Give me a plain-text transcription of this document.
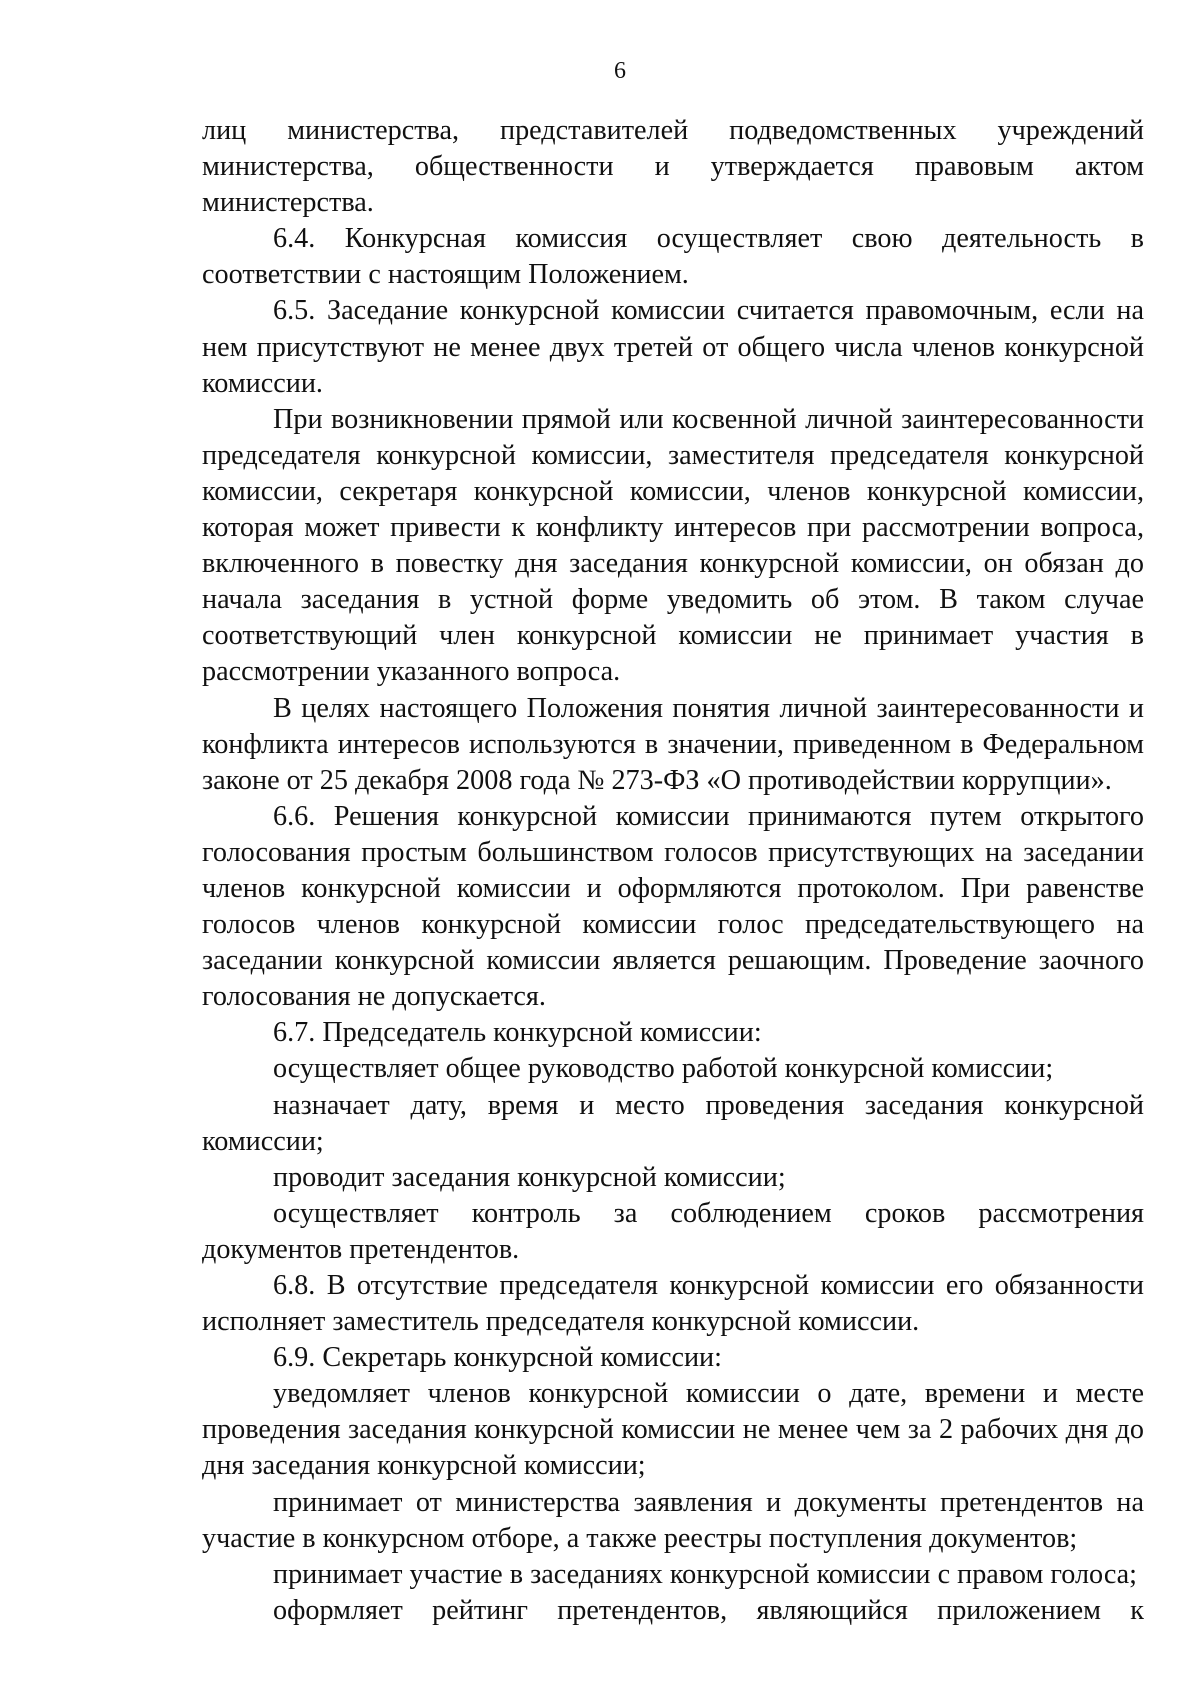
6

лиц министерства, представителей подведомственных учреждений министерства, общественности и утверждается правовым актом министерства.

6.4. Конкурсная комиссия осуществляет свою деятельность в соответствии с настоящим Положением.

6.5. Заседание конкурсной комиссии считается правомочным, если на нем присутствуют не менее двух третей от общего числа членов конкурсной комиссии.

При возникновении прямой или косвенной личной заинтересованности председателя конкурсной комиссии, заместителя председателя конкурсной комиссии, секретаря конкурсной комиссии, членов конкурсной комиссии, которая может привести к конфликту интересов при рассмотрении вопроса, включенного в повестку дня заседания конкурсной комиссии, он обязан до начала заседания в устной форме уведомить об этом. В таком случае соответствующий член конкурсной комиссии не принимает участия в рассмотрении указанного вопроса.

В целях настоящего Положения понятия личной заинтересованности и конфликта интересов используются в значении, приведенном в Федеральном законе от 25 декабря 2008 года № 273-ФЗ «О противодействии коррупции».

6.6. Решения конкурсной комиссии принимаются путем открытого голосования простым большинством голосов присутствующих на заседании членов конкурсной комиссии и оформляются протоколом. При равенстве голосов членов конкурсной комиссии голос председательствующего на заседании конкурсной комиссии является решающим. Проведение заочного голосования не допускается.

6.7. Председатель конкурсной комиссии:

осуществляет общее руководство работой конкурсной комиссии;

назначает дату, время и место проведения заседания конкурсной комиссии;

проводит заседания конкурсной комиссии;

осуществляет контроль за соблюдением сроков рассмотрения документов претендентов.

6.8. В отсутствие председателя конкурсной комиссии его обязанности исполняет заместитель председателя конкурсной комиссии.

6.9. Секретарь конкурсной комиссии:

уведомляет членов конкурсной комиссии о дате, времени и месте проведения заседания конкурсной комиссии не менее чем за 2 рабочих дня до дня заседания конкурсной комиссии;

принимает от министерства заявления и документы претендентов на участие в конкурсном отборе, а также реестры поступления документов;

принимает участие в заседаниях конкурсной комиссии с правом голоса;

оформляет рейтинг претендентов, являющийся приложением к
